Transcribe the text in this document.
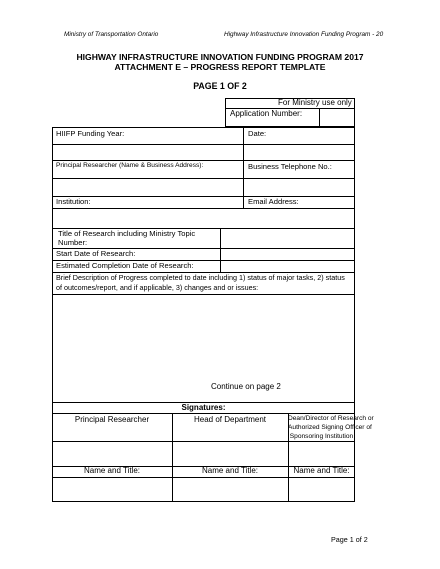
Ministry of Transportation Ontario	Highway Infrastructure Innovation Funding Program - 20
HIGHWAY INFRASTRUCTURE INNOVATION FUNDING PROGRAM 2017
ATTACHMENT E – PROGRESS REPORT TEMPLATE
PAGE 1 OF 2
For Ministry use only
Application Number:
HIIFP Funding Year:	Date:
Principal Researcher (Name & Business Address):	Business Telephone No.:
Institution:	Email Address:
Title of Research including Ministry Topic
Number:
Start Date of Research:
Estimated Completion Date of Research:
Brief Description of Progress completed to date including 1) status of major tasks, 2) status
of outcomes/report, and if applicable, 3) changes and or issues:
Continue on page 2
Signatures:
Principal Researcher	Head of Department	Dean/Director of Research or
Authorized Signing Officer of
Sponsoring Institution
Name and Title:	Name and Title:	Name and Title:
Page 1 of 2
